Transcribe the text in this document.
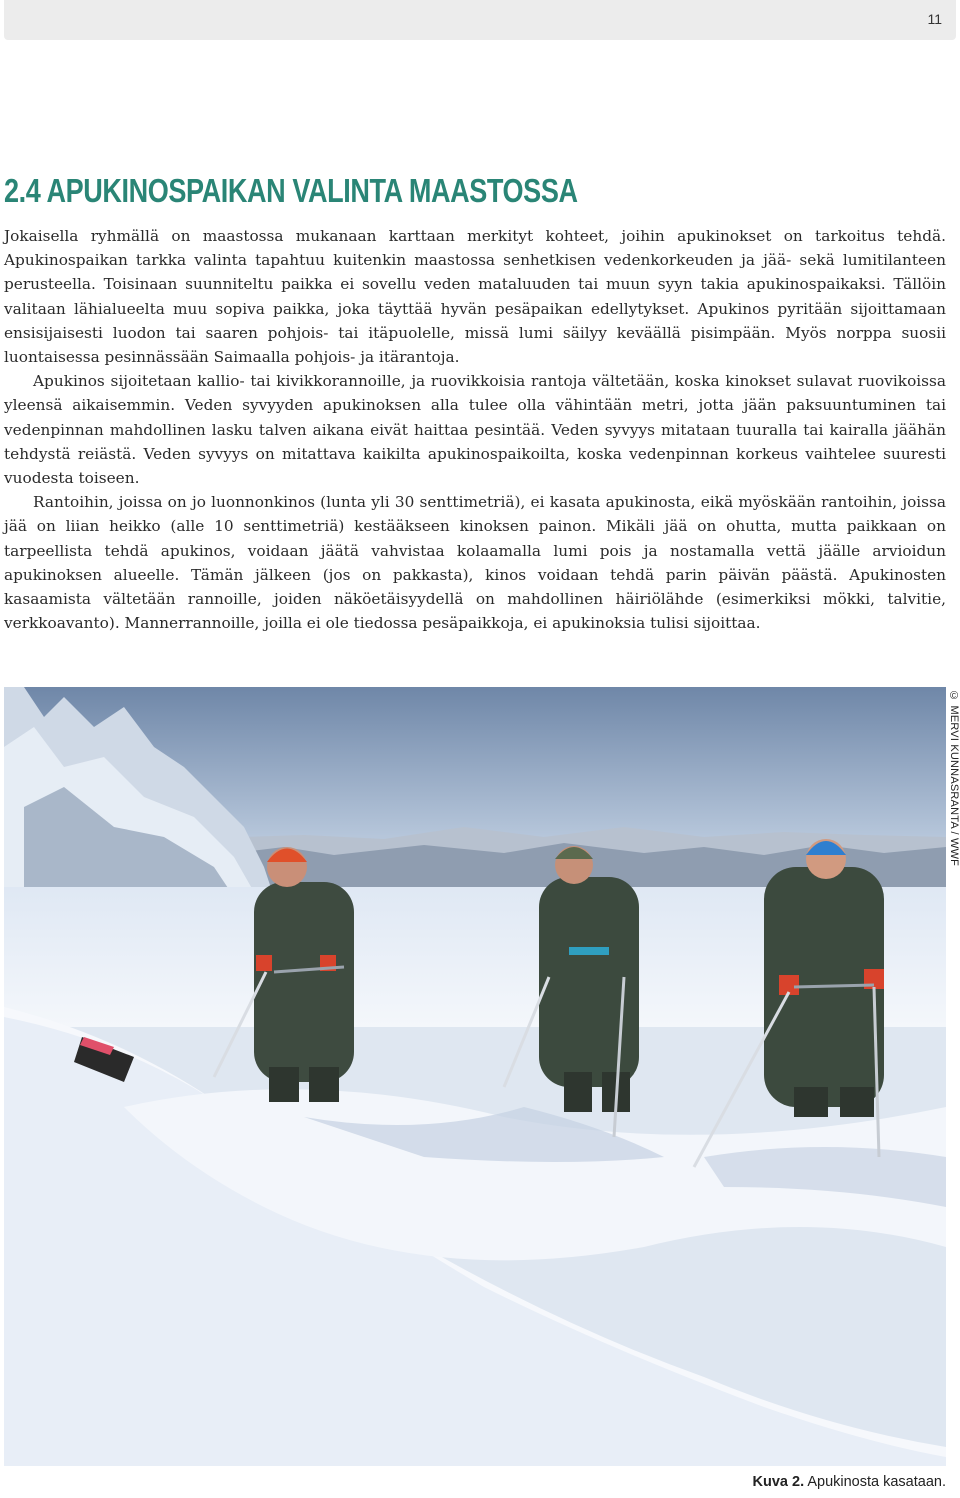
11
2.4 APUKINOSPAIKAN VALINTA MAASTOSSA

Jokaisella ryhmällä on maastossa mukanaan karttaan merkityt kohteet, joihin apukinokset on tarkoitus tehdä. Apukinospaikan tarkka valinta tapahtuu kuitenkin maastossa senhetkisen vedenkorkeuden ja jää- sekä lumitilanteen perusteella. Toisinaan suunniteltu paikka ei sovellu veden mataluuden tai muun syyn takia apukinospaikaksi. Tällöin valitaan lähialueelta muu sopiva paikka, joka täyttää hyvän pesäpaikan edellytykset. Apukinos pyritään sijoittamaan ensisijaisesti luodon tai saaren pohjois- tai itäpuolelle, missä lumi säilyy keväällä pisimpään. Myös norppa suosii luontaisessa pesinnässään Saimaalla pohjois- ja itärantoja.

Apukinos sijoitetaan kallio- tai kivikkorannoille, ja ruovikkoisia rantoja vältetään, koska kinokset sulavat ruovikoissa yleensä aikaisemmin. Veden syvyyden apukinoksen alla tulee olla vähintään metri, jotta jään paksuuntuminen tai vedenpinnan mahdollinen lasku talven aikana eivät haittaa pesintää. Veden syvyys mitataan tuuralla tai kairalla jäähän tehdystä reiästä. Veden syvyys on mitattava kaikilta apukinospaikoilta, koska vedenpinnan korkeus vaihtelee suuresti vuodesta toiseen.

Rantoihin, joissa on jo luonnonkinos (lunta yli 30 senttimetriä), ei kasata apukinosta, eikä myöskään rantoihin, joissa jää on liian heikko (alle 10 senttimetriä) kestääkseen kinoksen painon. Mikäli jää on ohutta, mutta paikkaan on tarpeellista tehdä apukinos, voidaan jäätä vahvistaa kolaamalla lumi pois ja nostamalla vettä jäälle arvioidun apukinoksen alueelle. Tämän jälkeen (jos on pakkasta), kinos voidaan tehdä parin päivän päästä. Apukinosten kasaamista vältetään rannoille, joiden näköetäisyydellä on mahdollinen häiriölähde (esimerkiksi mökki, talvitie, verkkoavanto). Mannerrannoille, joilla ei ole tiedossa pesäpaikkoja, ei apukinoksia tulisi sijoittaa.

© MERVI KUNNASRANTA / WWF
Kuva 2. Apukinosta kasataan.
